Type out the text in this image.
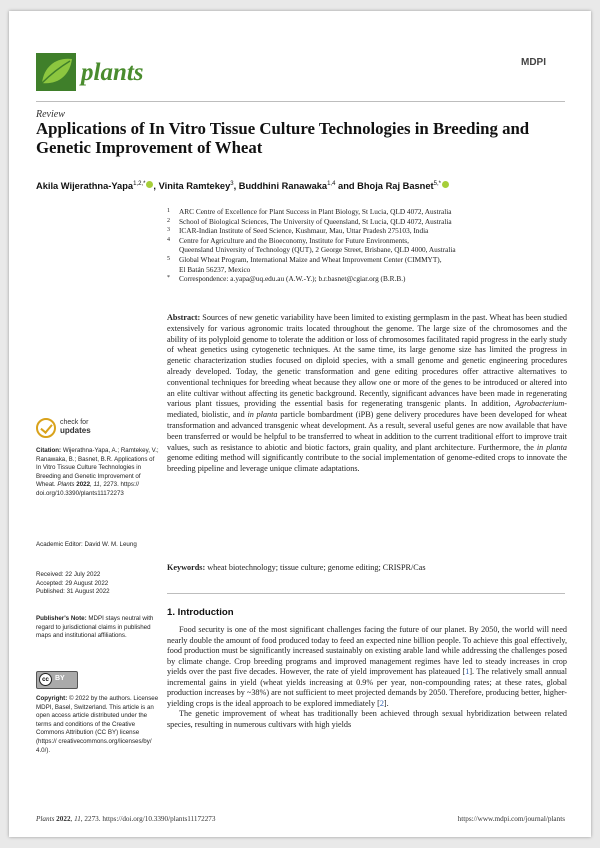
plants	MDPI
Review
Applications of In Vitro Tissue Culture Technologies in Breeding and Genetic Improvement of Wheat
Akila Wijerathna-Yapa$^{1,2,*}$ , Vinita Ramtekey$^3$, Buddhini Ranawaka$^{1,4}$ and Bhoja Raj Basnet$^{5,*}$
1	ARC Centre of Excellence for Plant Success in Plant Biology, St Lucia, QLD 4072, Australia
2	School of Biological Sciences, The University of Queensland, St Lucia, QLD 4072, Australia
3	ICAR-Indian Institute of Seed Science, Kushmaur, Mau, Uttar Pradesh 275103, India
4	Centre for Agriculture and the Bioeconomy, Institute for Future Environments,
Queensland University of Technology (QUT), 2 George Street, Brisbane, QLD 4000, Australia
5	Global Wheat Program, International Maize and Wheat Improvement Center (CIMMYT),
El Batán 56237, Mexico
*	Correspondence: a.yapa@uq.edu.au (A.W.-Y.); b.r.basnet@cgiar.org (B.R.B.)

Abstract: Sources of new genetic variability have been limited to existing germplasm in the past. Wheat has been studied extensively for various agronomic traits located throughout the genome. The large size of the chromosomes and the ability of its polyploid genome to tolerate the addition or loss of chromosomes facilitated rapid progress in the early study of wheat genetics using cytogenetic techniques. At the same time, its large genome size has limited the progress in genetic characterization studies focused on diploid species, with a small genome and genetic engineering procedures already developed. Today, the genetic transformation and gene editing procedures offer attractive alternatives to conventional techniques for breeding wheat because they allow one or more of the genes to be introduced or altered into an elite cultivar without affecting its genetic background. Recently, significant advances have been made in regenerating various plant tissues, providing the essential basis for regenerating transgenic plants. In addition, Agrobacterium-mediated, biolistic, and in planta particle bombardment (iPB) gene delivery procedures have been developed for wheat transformation and advanced transgenic wheat development. As a result, several useful genes are now available that have been transferred or would be helpful to be transferred to wheat in addition to the current traditional effort to improve trait values, such as resistance to abiotic and biotic factors, grain quality, and plant architecture. Furthermore, the in planta genome editing method will significantly contribute to the social implementation of genome-edited crops to innovate the breeding pipeline and leverage unique climate adaptations.

Keywords: wheat biotechnology; tissue culture; genome editing; CRISPR/Cas

1. Introduction

Food security is one of the most significant challenges facing the future of our planet. By 2050, the world will need nearly double the amount of food produced today to feed an expected nine billion people. To achieve this goal effectively, food production must be significantly increased sustainably on existing arable land while addressing the challenges posed by climate change. Crop breeding programs and improved management regimes have led to steady increases in crop yields over the past five decades. However, the rate of yield improvement has plateaued [1]. The relatively small annual incremental gains in yield (wheat yields increasing at 0.9% per year, non-compounding rates; at these rates, global production increases by ~38%) are not sufficient to meet projected demands by 2050. Therefore, producing better, higher-yielding crops is the ideal approach to be explored immediately [2].
The genetic improvement of wheat has traditionally been achieved through sexual hybridization between related species, resulting in numerous cultivars with high yields

check for
updates
Citation: Wijerathna-Yapa, A.; Ramtekey, V.; Ranawaka, B.; Basnet, B.R. Applications of In Vitro Tissue Culture Technologies in Breeding and Genetic Improvement of Wheat. Plants 2022, 11, 2273. https:// doi.org/10.3390/plants11172273
Academic Editor: David W. M. Leung
Received: 22 July 2022
Accepted: 29 August 2022
Published: 31 August 2022
Publisher's Note: MDPI stays neutral with regard to jurisdictional claims in published maps and institutional affiliations.
cc BY
Copyright: © 2022 by the authors. Licensee MDPI, Basel, Switzerland. This article is an open access article distributed under the terms and conditions of the Creative Commons Attribution (CC BY) license (https:// creativecommons.org/licenses/by/ 4.0/).
Plants 2022, 11, 2273. https://doi.org/10.3390/plants11172273	https://www.mdpi.com/journal/plants
